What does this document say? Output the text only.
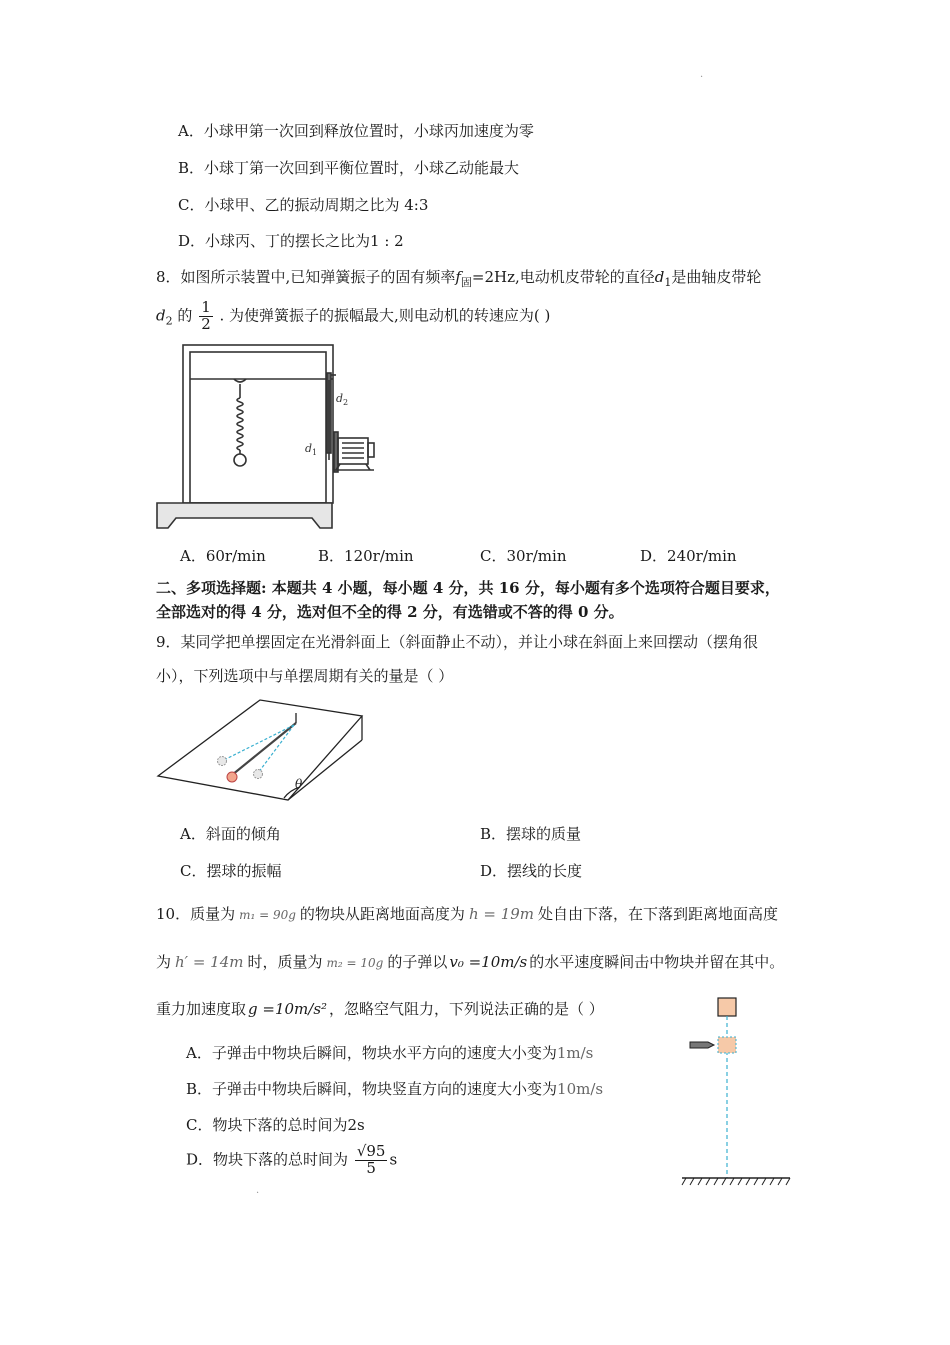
·
A．小球甲第一次回到释放位置时，小球丙加速度为零
B．小球丁第一次回到平衡位置时，小球乙动能最大
C．小球甲、乙的振动周期之比为 4:3
D．小球丙、丁的摆长之比为1 : 2
8．如图所示装置中,已知弹簧振子的固有频率$f_固=2Hz$,电动机皮带轮的直径$d_1$是曲轴皮带轮
$d_2$ 的 $\frac{1}{2}$ . 为使弹簧振子的振幅最大,则电动机的转速应为( )
d 2
d 1
A．60r/min	B．120r/min	C．30r/min	D．240r/min
二、多项选择题: 本题共 4 小题，每小题 4 分，共 16 分，每小题有多个选项符合题目要求，
全部选对的得 4 分，选对但不全的得 2 分，有选错或不答的得 0 分。
9．某同学把单摆固定在光滑斜面上（斜面静止不动），并让小球在斜面上来回摆动（摆角很
小），下列选项中与单摆周期有关的量是（ ）
θ
A．斜面的倾角	B．摆球的质量
C．摆球的振幅	D．摆线的长度
10．质量为 m₁ = 90g 的物块从距离地面高度为 h = 19m 处自由下落，在下落到距离地面高度
为 h′ = 14m 时，质量为 m₂ = 10g 的子弹以 v₀ =10m/s 的水平速度瞬间击中物块并留在其中。
重力加速度取 g =10m/s² ，忽略空气阻力，下列说法正确的是（ ）
A．子弹击中物块后瞬间，物块水平方向的速度大小变为1m/s
B．子弹击中物块后瞬间，物块竖直方向的速度大小变为10m/s
C．物块下落的总时间为2s
D．物块下落的总时间为 $\frac{√95}{5}$ s
·
